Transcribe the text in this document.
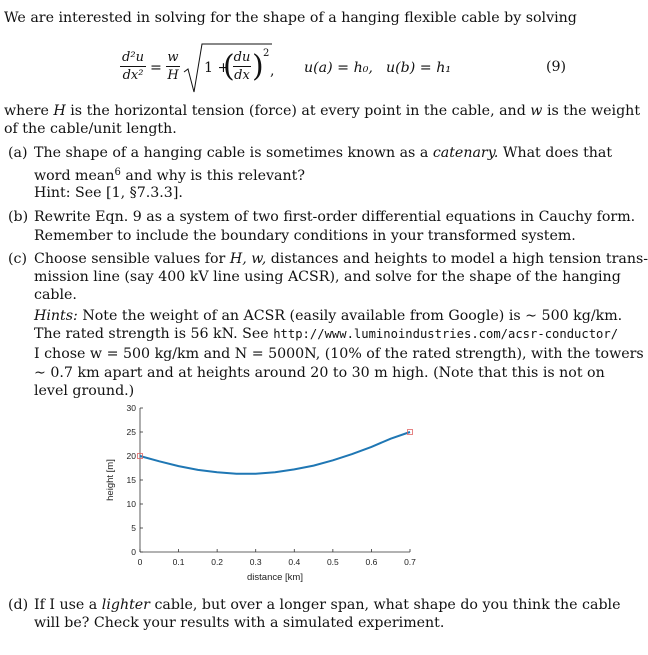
We are interested in solving for the shape of a hanging flexible cable by solving
d²u
dx² =
w
H 1 +
(
du
dx ) 2
, u(a) = h₀, u(b) = h₁	(9)
where H is the horizontal tension (force) at every point in the cable, and w is the weight
of the cable/unit length.
(a) The shape of a hanging cable is sometimes known as a catenary. What does that
word mean$^6$ and why is this relevant?
Hint: See [1, §7.3.3].
(b) Rewrite Eqn. 9 as a system of two first-order differential equations in Cauchy form.
Remember to include the boundary conditions in your transformed system.
(c) Choose sensible values for H, w, distances and heights to model a high tension trans-
mission line (say 400 kV line using ACSR), and solve for the shape of the hanging
cable.
Hints: Note the weight of an ACSR (easily available from Google) is ∼ 500 kg/km.
The rated strength is 56 kN. See http://www.luminoindustries.com/acsr-conductor/
I chose w = 500 kg/km and N = 5000N, (10% of the rated strength), with the towers
∼ 0.7 km apart and at heights around 20 to 30 m high. (Note that this is not on
level ground.)
0	0.1	0.2	0.3	0.4	0.5	0.6	0.7
0
5
10
15
20
25
30
distance [km]
height [m]
(d) If I use a lighter cable, but over a longer span, what shape do you think the cable
will be? Check your results with a simulated experiment.
